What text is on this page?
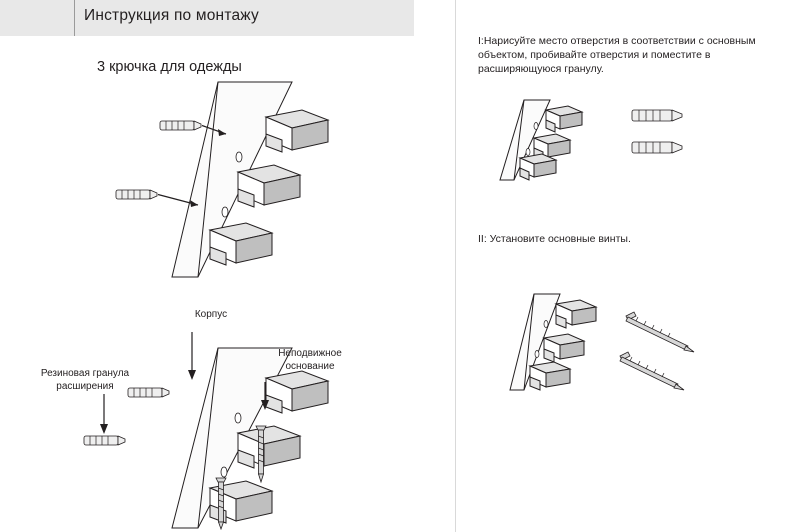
Инструкция по монтажу
3 крючка для одежды
Корпус
Резиновая гранула
расширения
Неподвижное
основание
I:Нарисуйте место отверстия в соответствии с основным объектом, пробивайте отверстия и поместите в расширяющуюся гранулу.
II: Установите основные винты.
